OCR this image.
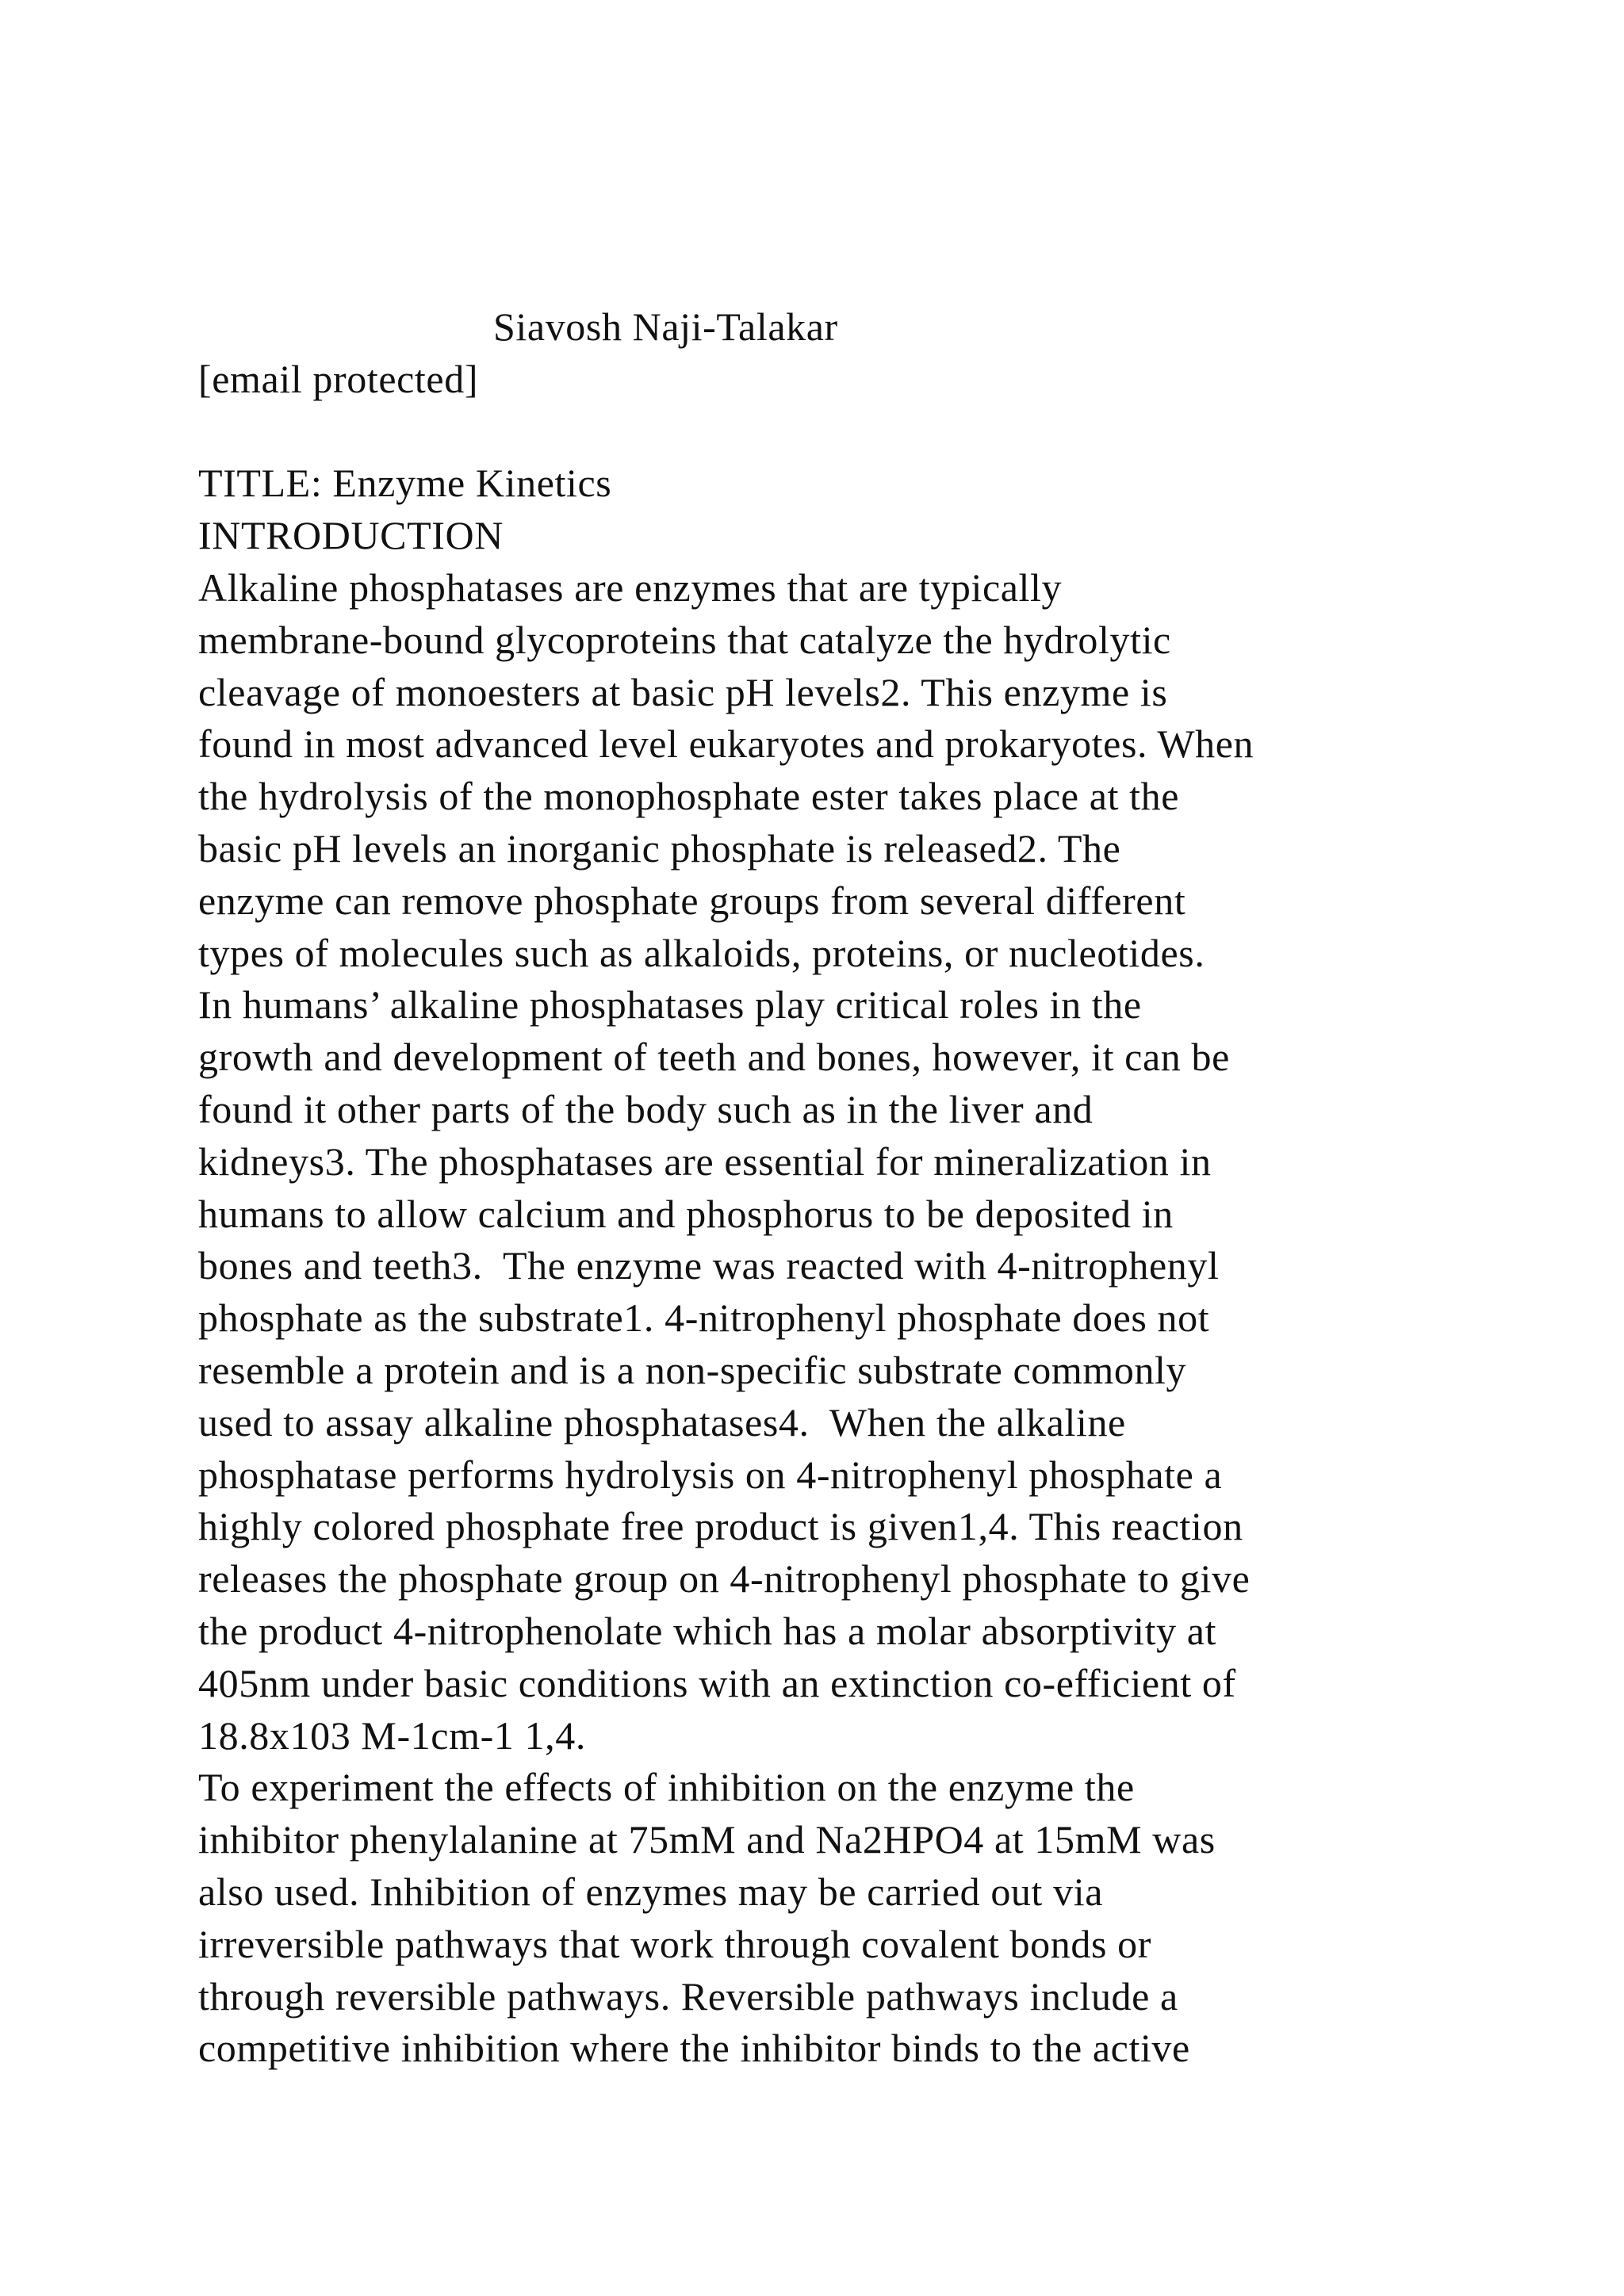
Siavosh Naji-Talakar
[email protected]
TITLE: Enzyme Kinetics
INTRODUCTION
Alkaline phosphatases are enzymes that are typically
membrane-bound glycoproteins that catalyze the hydrolytic
cleavage of monoesters at basic pH levels2. This enzyme is
found in most advanced level eukaryotes and prokaryotes. When
the hydrolysis of the monophosphate ester takes place at the
basic pH levels an inorganic phosphate is released2. The
enzyme can remove phosphate groups from several different
types of molecules such as alkaloids, proteins, or nucleotides.
In humans’ alkaline phosphatases play critical roles in the
growth and development of teeth and bones, however, it can be
found it other parts of the body such as in the liver and
kidneys3. The phosphatases are essential for mineralization in
humans to allow calcium and phosphorus to be deposited in
bones and teeth3.  The enzyme was reacted with 4-nitrophenyl
phosphate as the substrate1. 4-nitrophenyl phosphate does not
resemble a protein and is a non-specific substrate commonly
used to assay alkaline phosphatases4.  When the alkaline
phosphatase performs hydrolysis on 4-nitrophenyl phosphate a
highly colored phosphate free product is given1,4. This reaction
releases the phosphate group on 4-nitrophenyl phosphate to give
the product 4-nitrophenolate which has a molar absorptivity at
405nm under basic conditions with an extinction co-efficient of
18.8x103 M-1cm-1 1,4.
To experiment the effects of inhibition on the enzyme the
inhibitor phenylalanine at 75mM and Na2HPO4 at 15mM was
also used. Inhibition of enzymes may be carried out via
irreversible pathways that work through covalent bonds or
through reversible pathways. Reversible pathways include a
competitive inhibition where the inhibitor binds to the active
